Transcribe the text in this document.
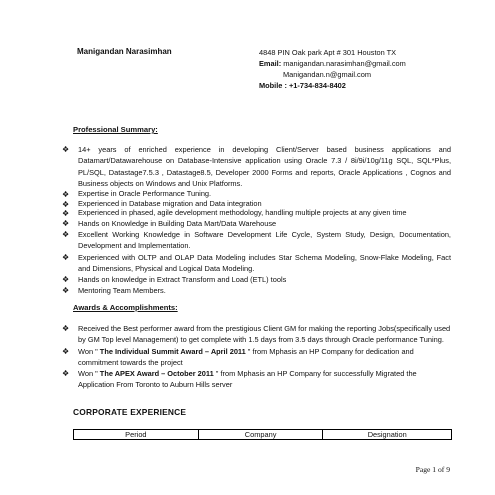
Manigandan Narasimhan	4848 PIN Oak park Apt # 301 Houston TX
Email: manigandan.narasimhan@gmail.com
Manigandan.n@gmail.com
Mobile : +1-734-834-8402
Professional Summary:
❖ 14+ years of enriched experience in developing Client/Server based business applications and Datamart/Datawarehouse on Database-Intensive application using Oracle 7.3 / 8i/9i/10g/11g SQL, SQL*Plus, PL/SQL, Datastage7.5.3 , Datastage8.5, Developer 2000 Forms and reports, Oracle Applications , Cognos and Business objects on Windows and Unix Platforms.
❖ Expertise in Oracle Performance Tuning.
❖ Experienced in Database migration and Data integration
❖ Experienced in phased, agile development methodology, handling multiple projects at any given time
❖ Hands on Knowledge in Building Data Mart/Data Warehouse
❖ Excellent Working Knowledge in Software Development Life Cycle, System Study, Design, Documentation, Development and Implementation.
❖ Experienced with OLTP and OLAP Data Modeling includes Star Schema Modeling, Snow-Flake Modeling, Fact and Dimensions, Physical and Logical Data Modeling.
❖ Hands on knowledge in Extract Transform and Load (ETL) tools
❖ Mentoring Team Members.
Awards & Accomplishments:
❖ Received the Best performer award from the prestigious Client GM for making the reporting Jobs(specifically used by GM Top level Management) to get complete with 1.5 days from 3.5 days through Oracle performance Tuning.
❖ Won " The Individual Summit Award – April 2011 " from Mphasis an HP Company for dedication and commitment towards the project
❖ Won " The APEX Award – October 2011 " from Mphasis an HP Company for successfully Migrated the Application From Toronto to Auburn Hills server
CORPORATE EXPERIENCE
Period	Company	Designation
Page 1 of 9
